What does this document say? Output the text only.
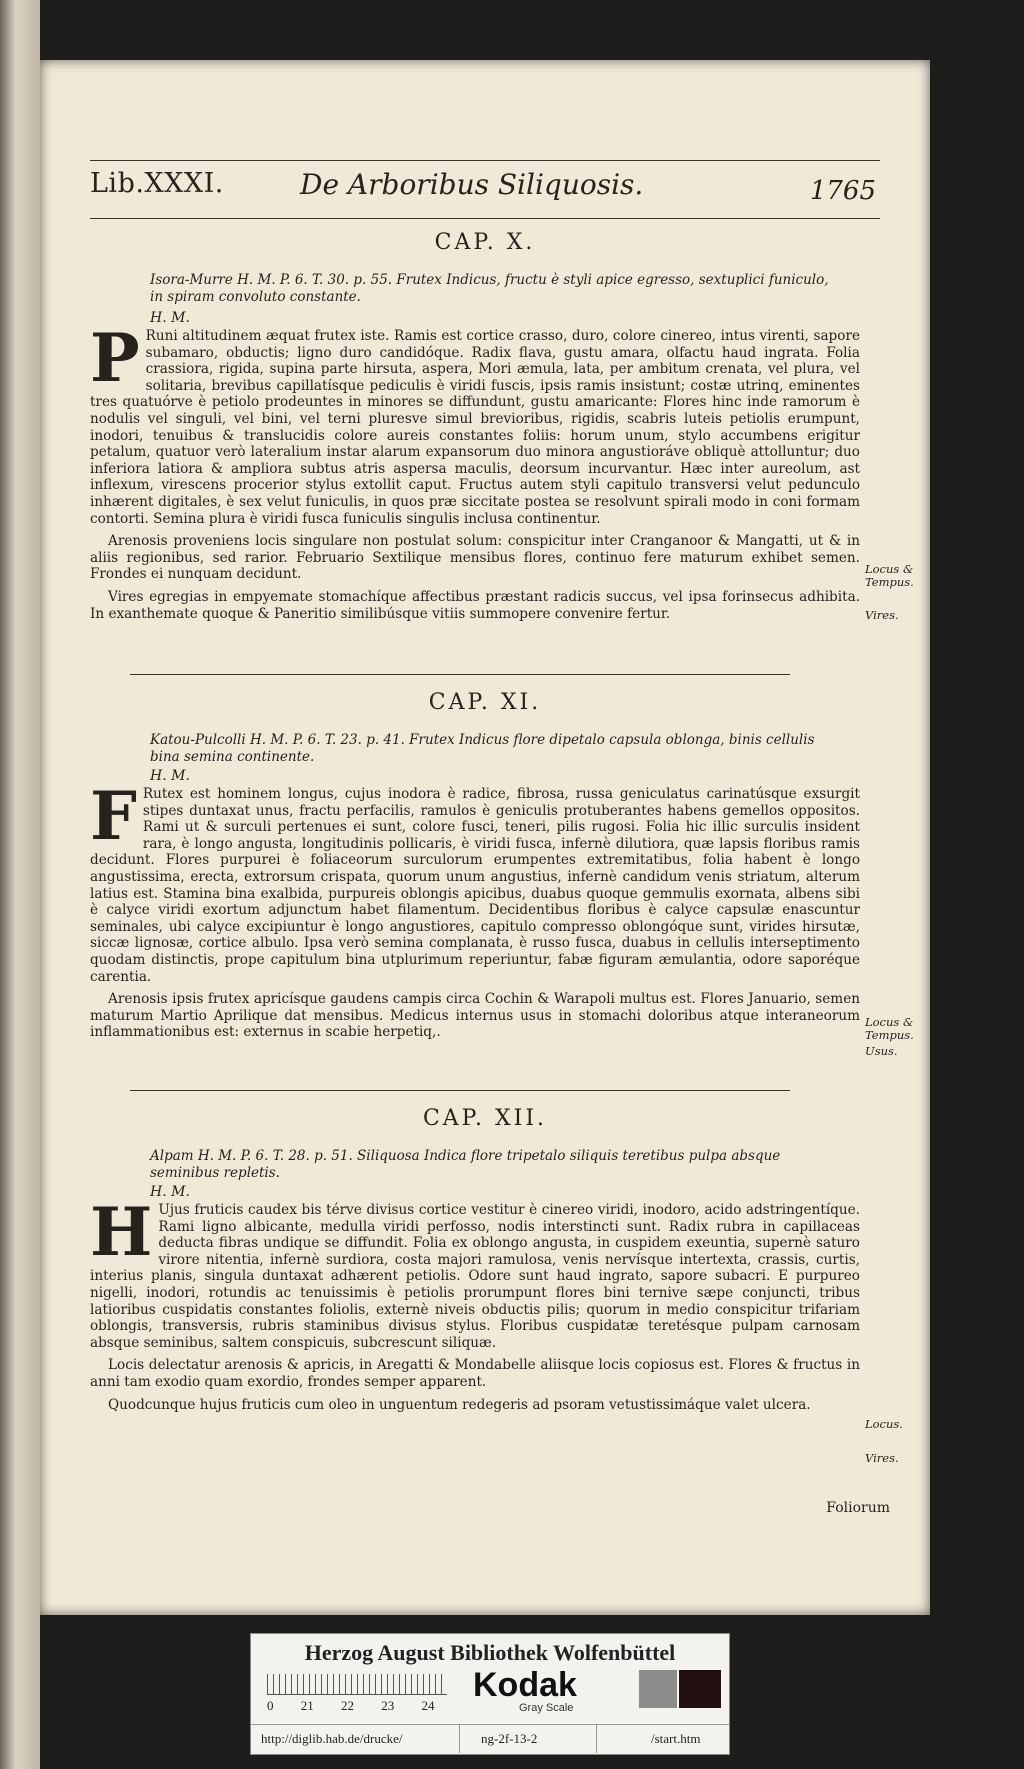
Lib.XXXI.	De Arboribus Siliquosis.	1765
CAP. X.
Isora-Murre H. M. P. 6. T. 30. p. 55. Frutex Indicus, fructu è styli apice egresso, sextuplici funiculo, in spiram convoluto constante.
H. M.

P Runi altitudinem æquat frutex iste. Ramis est cortice crasso, duro, colore cinereo, intus virenti, sapore subamaro, obductis; ligno duro candidóque. Radix flava, gustu amara, olfactu haud ingrata. Folia crassiora, rigida, supina parte hirsuta, aspera, Mori æmula, lata, per ambitum crenata, vel plura, vel solitaria, brevibus capillatísque pediculis è viridi fuscis, ipsis ramis insistunt; costæ utrinq, eminentes tres quatuórve è petiolo prodeuntes in minores se diffundunt, gustu amaricante: Flores hinc inde ramorum è nodulis vel singuli, vel bini, vel terni pluresve simul brevioribus, rigidis, scabris luteis petiolis erumpunt, inodori, tenuibus & translucidis colore aureis constantes foliis: horum unum, stylo accumbens erigitur petalum, quatuor verò lateralium instar alarum expansorum duo minora angustioráve obliquè attolluntur; duo inferiora latiora & ampliora subtus atris aspersa maculis, deorsum incurvantur. Hæc inter aureolum, ast inflexum, virescens procerior stylus extollit caput. Fructus autem styli capitulo transversi velut pedunculo inhærent digitales, è sex velut funiculis, in quos præ siccitate postea se resolvunt spirali modo in coni formam contorti. Semina plura è viridi fusca funiculis singulis inclusa continentur.

Arenosis proveniens locis singulare non postulat solum: conspicitur inter Cranganoor & Mangatti, ut & in aliis regionibus, sed rarior. Februario Sextilique mensibus flores, continuo fere maturum exhibet semen. Frondes ei nunquam decidunt.

Vires egregias in empyemate stomachíque affectibus præstant radicis succus, vel ipsa forinsecus adhibita. In exanthemate quoque & Paneritio similibúsque vitiis summopere convenire fertur.

Locus & Tempus.
Vires.
CAP. XI.
Katou-Pulcolli H. M. P. 6. T. 23. p. 41. Frutex Indicus flore dipetalo capsula oblonga, binis cellulis bina semina continente.
H. M.

F Rutex est hominem longus, cujus inodora è radice, fibrosa, russa geniculatus carinatúsque exsurgit stipes duntaxat unus, fractu perfacilis, ramulos è geniculis protuberantes habens gemellos oppositos. Rami ut & surculi pertenues ei sunt, colore fusci, teneri, pilis rugosi. Folia hic illic surculis insident rara, è longo angusta, longitudinis pollicaris, è viridi fusca, infernè dilutiora, quæ lapsis floribus ramis decidunt. Flores purpurei è foliaceorum surculorum erumpentes extremitatibus, folia habent è longo angustissima, erecta, extrorsum crispata, quorum unum angustius, infernè candidum venis striatum, alterum latius est. Stamina bina exalbida, purpureis oblongis apicibus, duabus quoque gemmulis exornata, albens sibi è calyce viridi exortum adjunctum habet filamentum. Decidentibus floribus è calyce capsulæ enascuntur seminales, ubi calyce excipiuntur è longo angustiores, capitulo compresso oblongóque sunt, virides hirsutæ, siccæ lignosæ, cortice albulo. Ipsa verò semina complanata, è russo fusca, duabus in cellulis interseptimento quodam distinctis, prope capitulum bina utplurimum reperiuntur, fabæ figuram æmulantia, odore saporéque carentia.

Arenosis ipsis frutex apricísque gaudens campis circa Cochin & Warapoli multus est. Flores Januario, semen maturum Martio Aprilique dat mensibus. Medicus internus usus in stomachi doloribus atque interaneorum inflammationibus est: externus in scabie herpetiq,.

Locus & Tempus.
Usus.
CAP. XII.
Alpam H. M. P. 6. T. 28. p. 51. Siliquosa Indica flore tripetalo siliquis teretibus pulpa absque seminibus repletis.
H. M.

H Ujus fruticis caudex bis térve divisus cortice vestitur è cinereo viridi, inodoro, acido adstringentíque. Rami ligno albicante, medulla viridi perfosso, nodis interstincti sunt. Radix rubra in capillaceas deducta fibras undique se diffundit. Folia ex oblongo angusta, in cuspidem exeuntia, supernè saturo virore nitentia, infernè surdiora, costa majori ramulosa, venis nervísque intertexta, crassis, curtis, interius planis, singula duntaxat adhærent petiolis. Odore sunt haud ingrato, sapore subacri. E purpureo nigelli, inodori, rotundis ac tenuissimis è petiolis prorumpunt flores bini ternive sæpe conjuncti, tribus latioribus cuspidatis constantes foliolis, externè niveis obductis pilis; quorum in medio conspicitur trifariam oblongis, transversis, rubris staminibus divisus stylus. Floribus cuspidatæ teretésque pulpam carnosam absque seminibus, saltem conspicuis, subcrescunt siliquæ.

Locis delectatur arenosis & apricis, in Aregatti & Mondabelle aliisque locis copiosus est. Flores & fructus in anni tam exodio quam exordio, frondes semper apparent.

Quodcunque hujus fruticis cum oleo in unguentum redegeris ad psoram vetustissimáque valet ulcera.

Locus.
Vires.
Foliorum
Herzog August Bibliothek Wolfenbüttel
0 21 22 23 24
Kodak
Gray Scale
http://diglib.hab.de/drucke/	ng-2f-13-2	/start.htm
